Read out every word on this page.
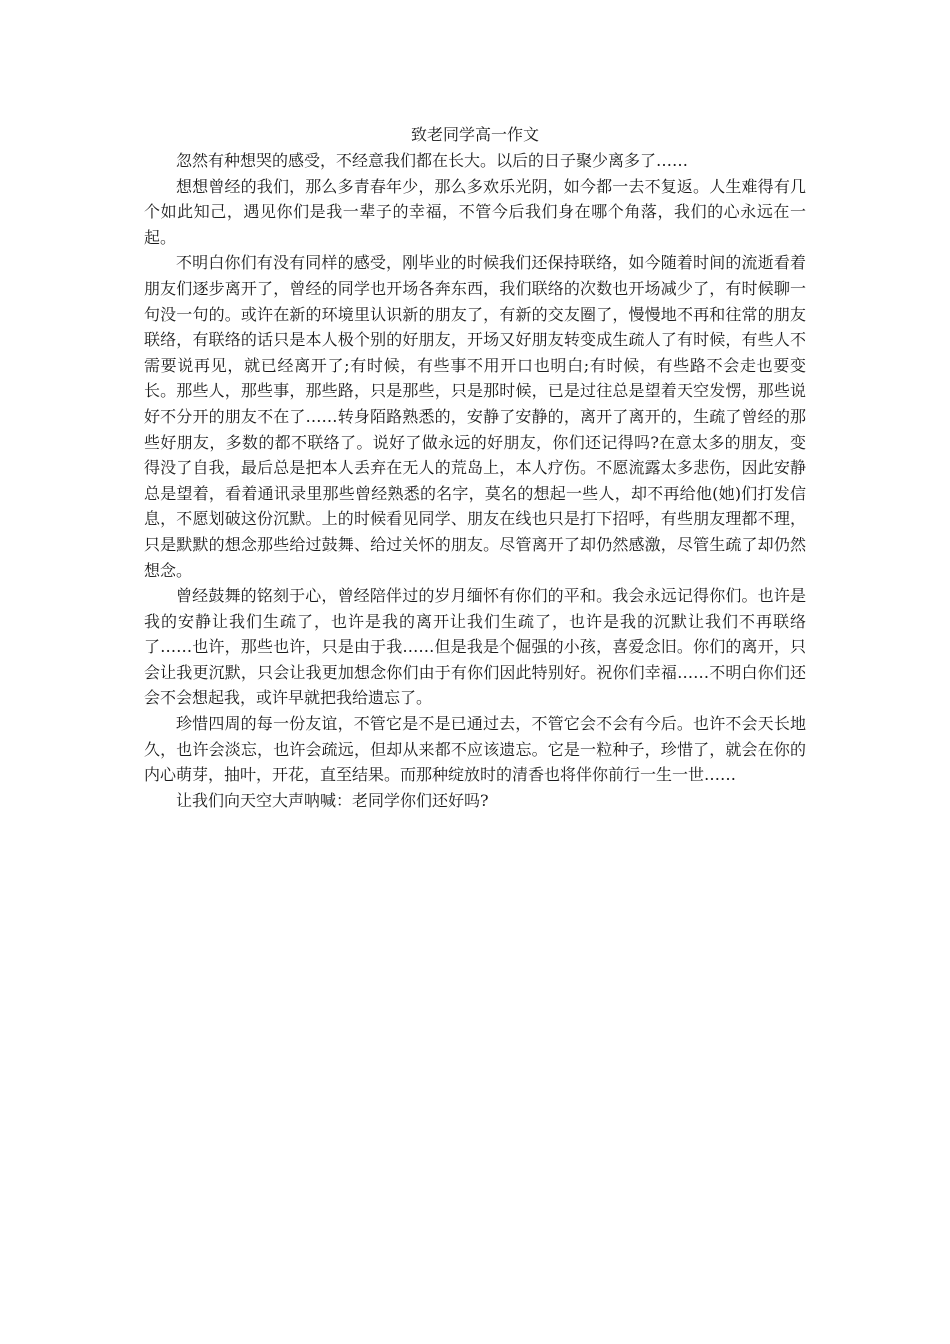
致老同学高一作文

忽然有种想哭的感受，不经意我们都在长大。以后的日子聚少离多了……

想想曾经的我们，那么多青春年少，那么多欢乐光阴，如今都一去不复返。人生难得有几个如此知己，遇见你们是我一辈子的幸福，不管今后我们身在哪个角落，我们的心永远在一起。

不明白你们有没有同样的感受，刚毕业的时候我们还保持联络，如今随着时间的流逝看着朋友们逐步离开了，曾经的同学也开场各奔东西，我们联络的次数也开场减少了，有时候聊一句没一句的。或许在新的环境里认识新的朋友了，有新的交友圈了，慢慢地不再和往常的朋友联络，有联络的话只是本人极个别的好朋友，开场又好朋友转变成生疏人了有时候，有些人不需要说再见，就已经离开了;有时候，有些事不用开口也明白;有时候，有些路不会走也要变长。那些人，那些事，那些路，只是那些，只是那时候，已是过往总是望着天空发愣，那些说好不分开的朋友不在了……转身陌路熟悉的，安静了安静的，离开了离开的，生疏了曾经的那些好朋友，多数的都不联络了。说好了做永远的好朋友，你们还记得吗?在意太多的朋友，变得没了自我，最后总是把本人丢弃在无人的荒岛上，本人疗伤。不愿流露太多悲伤，因此安静总是望着，看着通讯录里那些曾经熟悉的名字，莫名的想起一些人，却不再给他(她)们打发信息，不愿划破这份沉默。上的时候看见同学、朋友在线也只是打下招呼，有些朋友理都不理，只是默默的想念那些给过鼓舞、给过关怀的朋友。尽管离开了却仍然感激，尽管生疏了却仍然想念。

曾经鼓舞的铭刻于心，曾经陪伴过的岁月缅怀有你们的平和。我会永远记得你们。也许是我的安静让我们生疏了，也许是我的离开让我们生疏了，也许是我的沉默让我们不再联络了……也许，那些也许，只是由于我……但是我是个倔强的小孩，喜爱念旧。你们的离开，只会让我更沉默，只会让我更加想念你们由于有你们因此特别好。祝你们幸福……不明白你们还会不会想起我，或许早就把我给遗忘了。

珍惜四周的每一份友谊，不管它是不是已通过去，不管它会不会有今后。也许不会天长地久，也许会淡忘，也许会疏远，但却从来都不应该遗忘。它是一粒种子，珍惜了，就会在你的内心萌芽，抽叶，开花，直至结果。而那种绽放时的清香也将伴你前行一生一世……

让我们向天空大声呐喊：老同学你们还好吗?
